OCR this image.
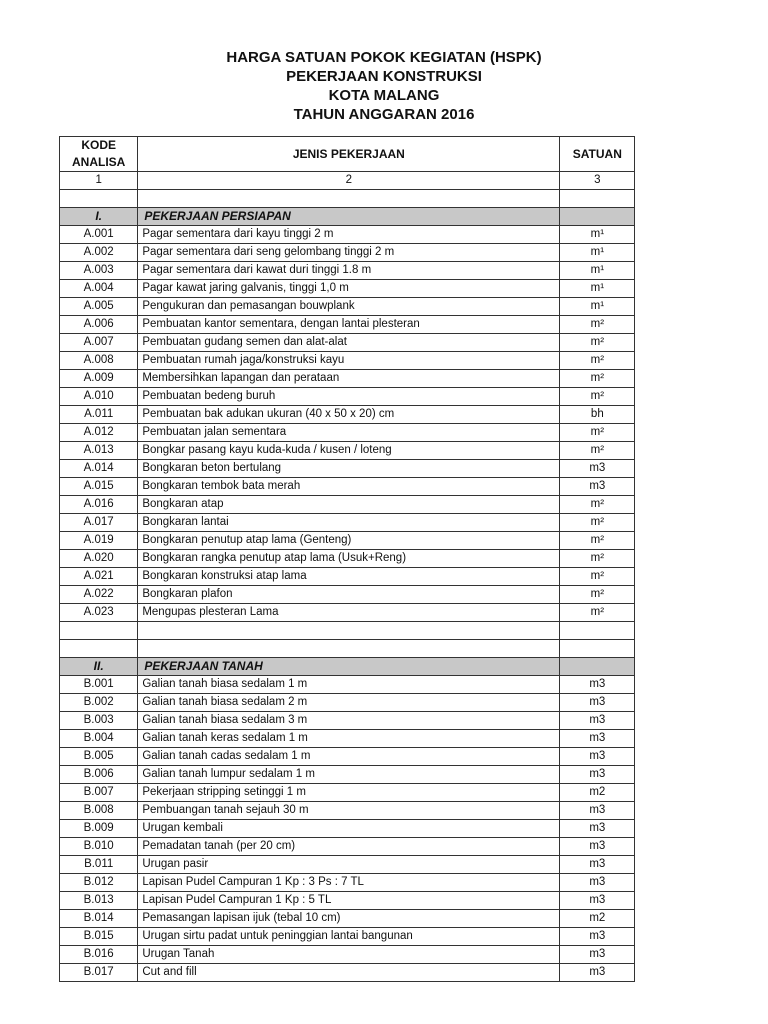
HARGA SATUAN POKOK KEGIATAN (HSPK)
PEKERJAAN KONSTRUKSI
KOTA MALANG
TAHUN ANGGARAN 2016
KODE ANALISA	JENIS PEKERJAAN	SATUAN
1	2	3

I.	PEKERJAAN PERSIAPAN	
A.001	Pagar sementara dari kayu tinggi 2 m	m¹
A.002	Pagar sementara dari seng gelombang tinggi 2 m	m¹
A.003	Pagar sementara dari kawat duri tinggi 1.8 m	m¹
A.004	Pagar kawat jaring galvanis, tinggi 1,0 m	m¹
A.005	Pengukuran dan pemasangan bouwplank	m¹
A.006	Pembuatan kantor sementara, dengan lantai plesteran	m²
A.007	Pembuatan gudang semen dan alat-alat	m²
A.008	Pembuatan rumah jaga/konstruksi kayu	m²
A.009	Membersihkan lapangan dan perataan	m²
A.010	Pembuatan bedeng buruh	m²
A.011	Pembuatan bak adukan ukuran (40 x 50 x 20) cm	bh
A.012	Pembuatan jalan sementara	m²
A.013	Bongkar pasang kayu kuda-kuda / kusen / loteng	m²
A.014	Bongkaran beton bertulang	m3
A.015	Bongkaran tembok bata merah	m3
A.016	Bongkaran atap	m²
A.017	Bongkaran lantai	m²
A.019	Bongkaran penutup atap lama (Genteng)	m²
A.020	Bongkaran rangka penutup atap lama (Usuk+Reng)	m²
A.021	Bongkaran konstruksi atap lama	m²
A.022	Bongkaran plafon	m²
A.023	Mengupas plesteran Lama	m²

II.	PEKERJAAN TANAH	
B.001	Galian tanah biasa sedalam 1 m	m3
B.002	Galian tanah biasa sedalam 2 m	m3
B.003	Galian tanah biasa sedalam 3 m	m3
B.004	Galian tanah keras sedalam 1 m	m3
B.005	Galian tanah cadas sedalam 1 m	m3
B.006	Galian tanah lumpur sedalam 1 m	m3
B.007	Pekerjaan stripping setinggi 1 m	m2
B.008	Pembuangan tanah sejauh 30 m	m3
B.009	Urugan kembali	m3
B.010	Pemadatan tanah (per 20 cm)	m3
B.011	Urugan pasir	m3
B.012	Lapisan Pudel Campuran 1 Kp : 3 Ps : 7 TL	m3
B.013	Lapisan Pudel Campuran 1 Kp : 5 TL	m3
B.014	Pemasangan lapisan ijuk (tebal 10 cm)	m2
B.015	Urugan sirtu padat untuk peninggian lantai bangunan	m3
B.016	Urugan Tanah	m3
B.017	Cut and fill	m3
